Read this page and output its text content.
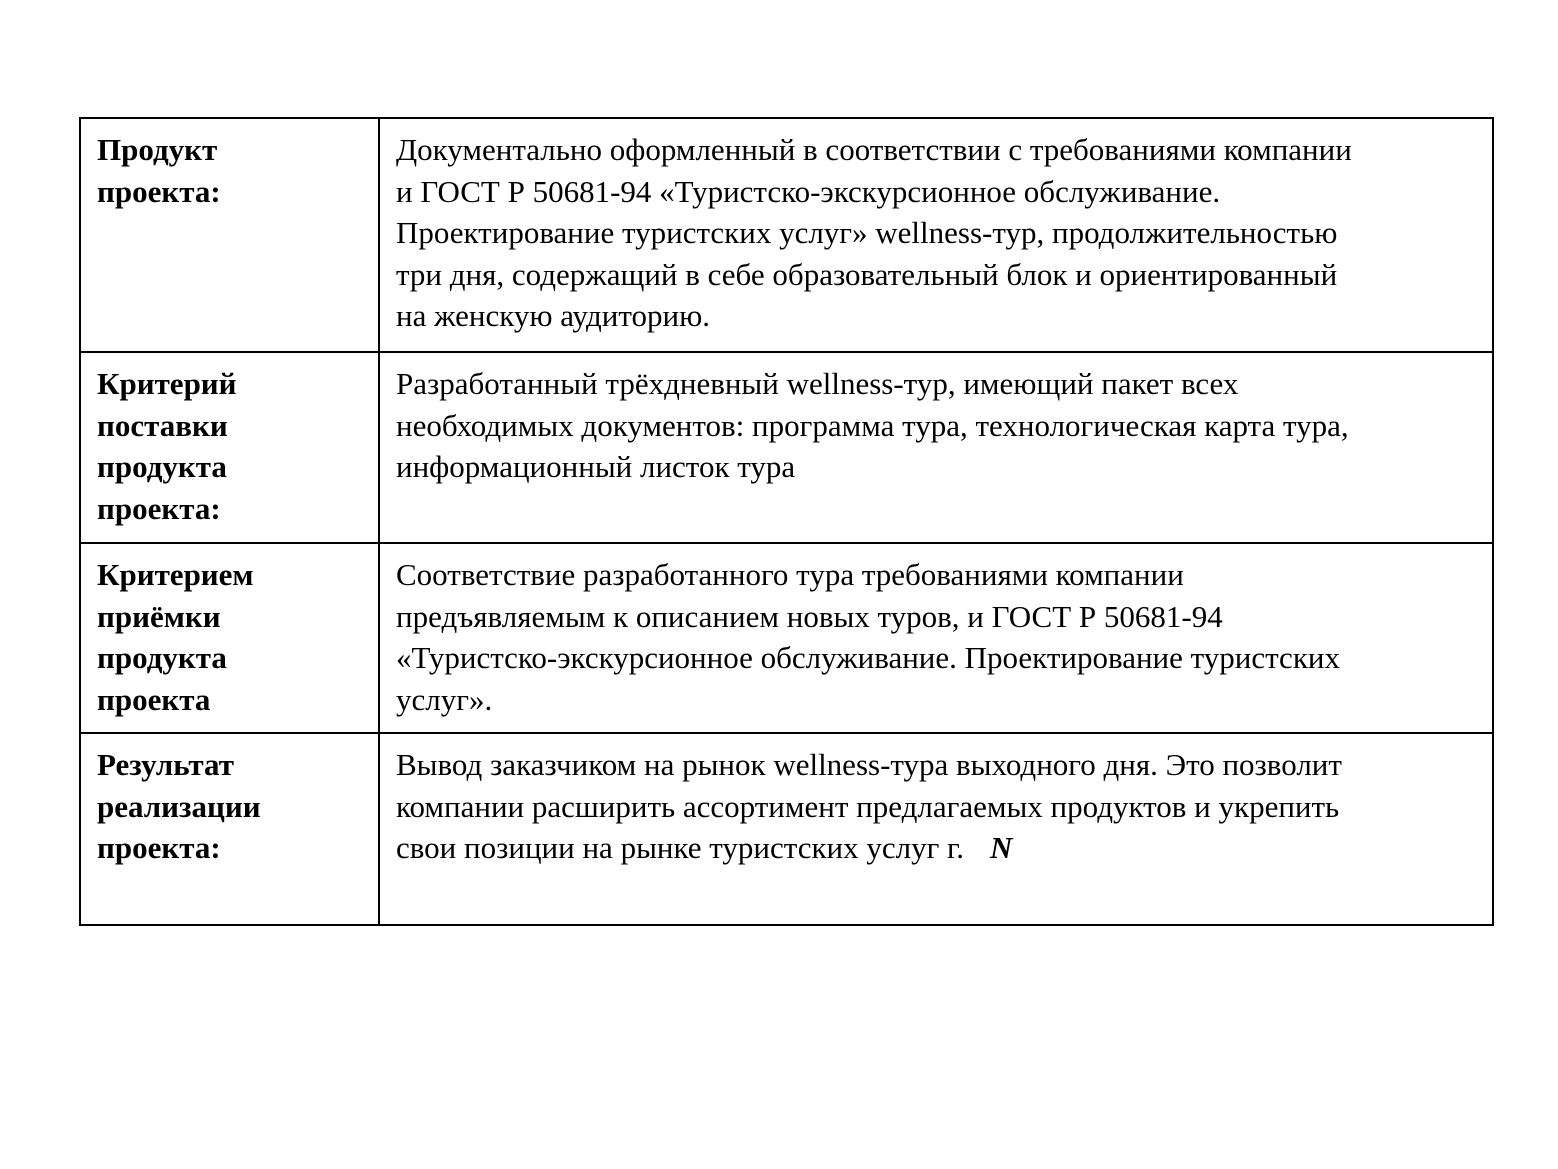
Продукт
проекта:	Документально оформленный в соответствии с требованиями компании
и ГОСТ Р 50681-94 «Туристско-экскурсионное обслуживание.
Проектирование туристских услуг» wellness-тур, продолжительностью
три дня, содержащий в себе образовательный блок и ориентированный
на женскую аудиторию.

Критерий
поставки
продукта
проекта:	Разработанный трёхдневный wellness-тур, имеющий пакет всех
необходимых документов: программа тура, технологическая карта тура,
информационный листок тура

Критерием
приёмки
продукта
проекта	Соответствие разработанного тура требованиями компании
предъявляемым к описанием новых туров, и ГОСТ Р 50681-94
«Туристско-экскурсионное обслуживание. Проектирование туристских
услуг».

Результат
реализации
проекта:	Вывод заказчиком на рынок wellness-тура выходного дня. Это позволит
компании расширить ассортимент предлагаемых продуктов и укрепить
свои позиции на рынке туристских услуг г. N
